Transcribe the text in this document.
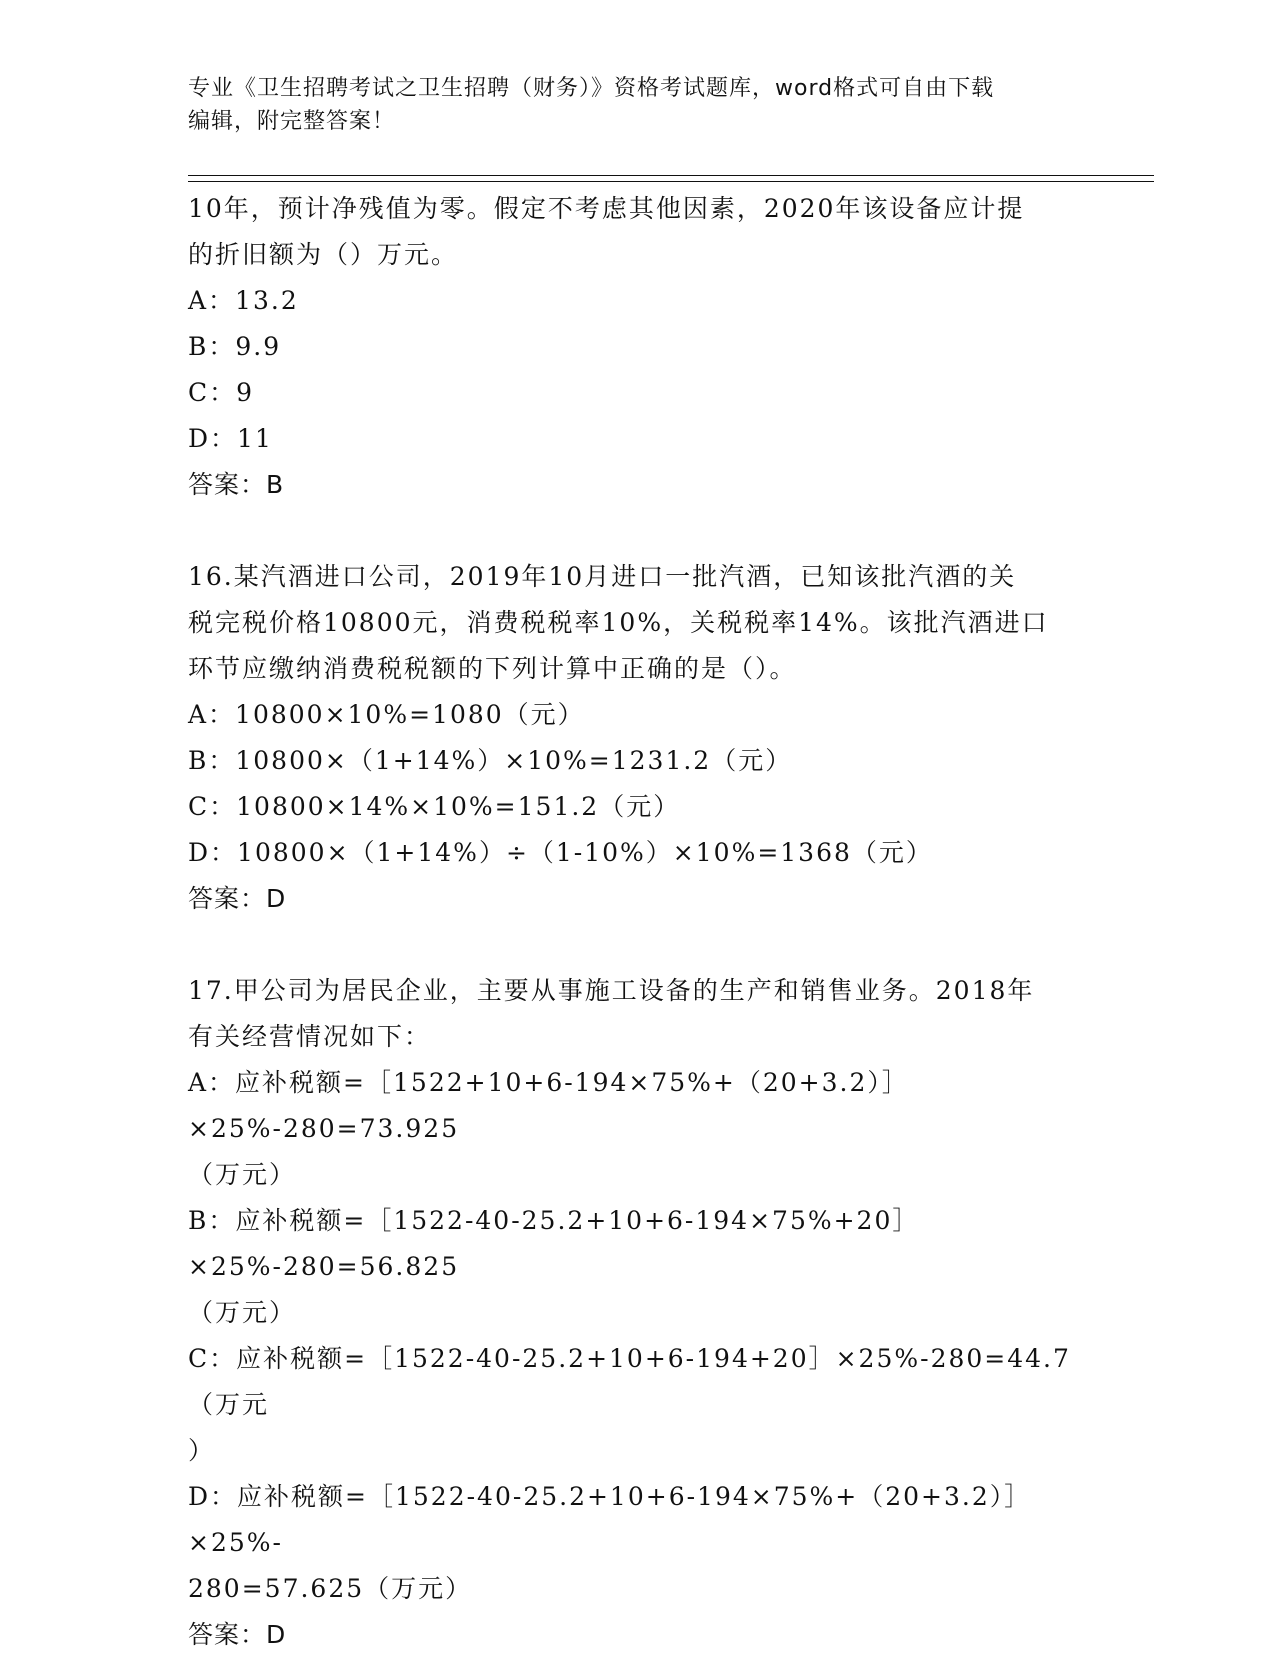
专业《卫生招聘考试之卫生招聘（财务）》资格考试题库，word格式可自由下载
编辑，附完整答案！
10年，预计净残值为零。假定不考虑其他因素，2020年该设备应计提
的折旧额为（）万元。
A：13.2
B：9.9
C：9
D：11
答案：B
16.某汽酒进口公司，2019年10月进口一批汽酒，已知该批汽酒的关
税完税价格10800元，消费税税率10%，关税税率14%。该批汽酒进口
环节应缴纳消费税税额的下列计算中正确的是（）。
A：10800×10%=1080（元）
B：10800×（1+14%）×10%=1231.2（元）
C：10800×14%×10%=151.2（元）
D：10800×（1+14%）÷（1-10%）×10%=1368（元）
答案：D
17.甲公司为居民企业，主要从事施工设备的生产和销售业务。2018年
有关经营情况如下：
A：应补税额=［1522+10+6-194×75%+（20+3.2）］×25%-280=73.925
（万元）
B：应补税额=［1522-40-25.2+10+6-194×75%+20］×25%-280=56.825
（万元）
C：应补税额=［1522-40-25.2+10+6-194+20］×25%-280=44.7（万元
）
D：应补税额=［1522-40-25.2+10+6-194×75%+（20+3.2）］×25%-
280=57.625（万元）
答案：D
